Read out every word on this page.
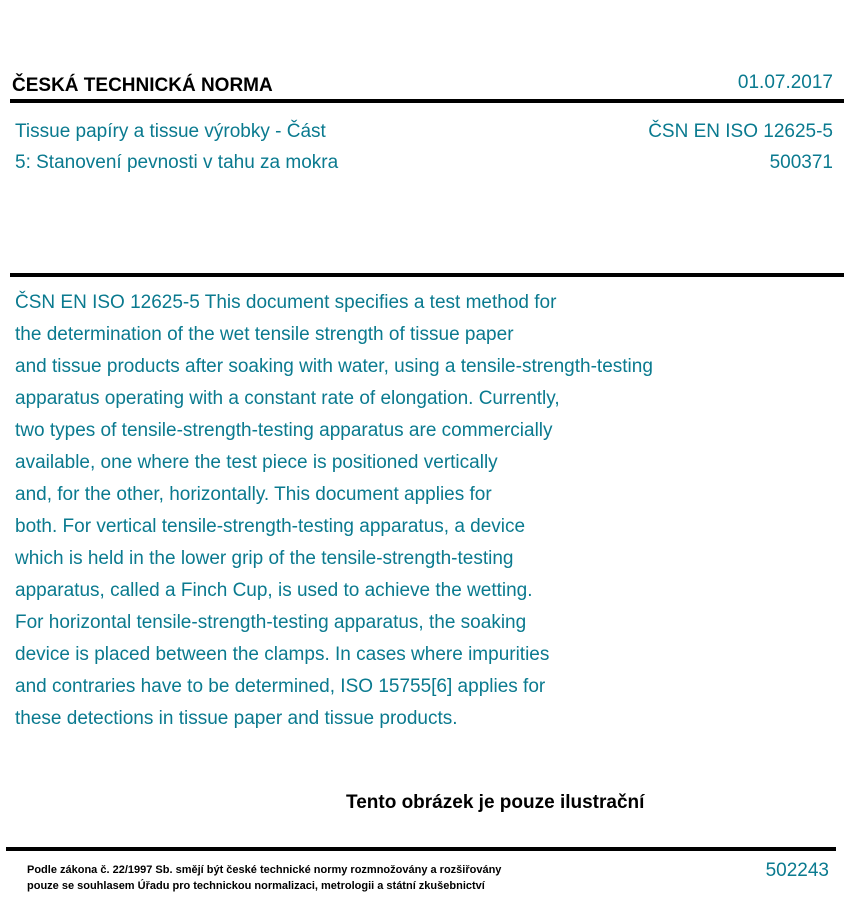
ČESKÁ TECHNICKÁ NORMA	01.07.2017
Tissue papíry a tissue výrobky - Část
5: Stanovení pevnosti v tahu za mokra
ČSN EN ISO 12625-5
500371
ČSN EN ISO 12625-5 This document specifies a test method for
the determination of the wet tensile strength of tissue paper
and tissue products after soaking with water, using a tensile-strength-testing
apparatus operating with a constant rate of elongation. Currently,
two types of tensile-strength-testing apparatus are commercially
available, one where the test piece is positioned vertically
and, for the other, horizontally. This document applies for
both. For vertical tensile-strength-testing apparatus, a device
which is held in the lower grip of the tensile-strength-testing
apparatus, called a Finch Cup, is used to achieve the wetting.
For horizontal tensile-strength-testing apparatus, the soaking
device is placed between the clamps. In cases where impurities
and contraries have to be determined, ISO 15755[6] applies for
these detections in tissue paper and tissue products.
Tento obrázek je pouze ilustrační
Podle zákona č. 22/1997 Sb. smějí být české technické normy rozmnožovány a rozšiřovány
pouze se souhlasem Úřadu pro technickou normalizaci, metrologii a státní zkušebnictví
502243
